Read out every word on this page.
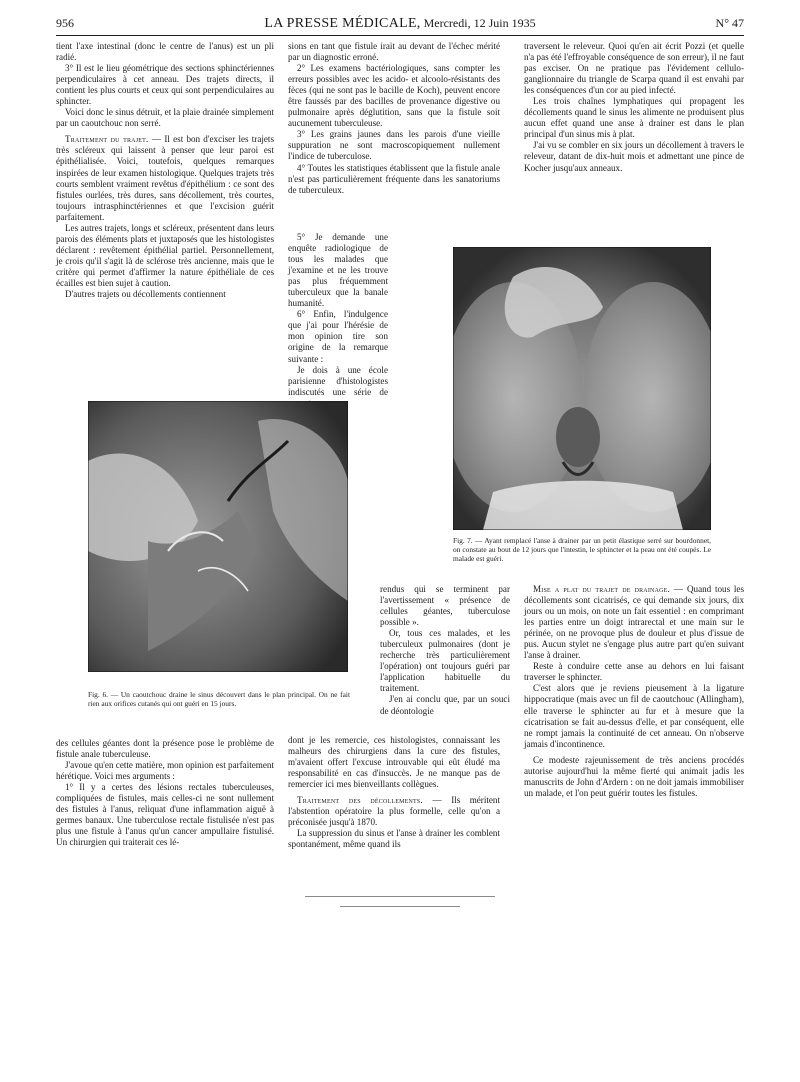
956	LA PRESSE MÉDICALE, Mercredi, 12 Juin 1935	N° 47

tient l'axe intestinal (donc le centre de l'anus) est un pli radié.

3° Il est le lieu géométrique des sections sphinctériennes perpendiculaires à cet anneau. Des trajets directs, il contient les plus courts et ceux qui sont perpendiculaires au sphincter.

Voici donc le sinus détruit, et la plaie drainée simplement par un caoutchouc non serré.

Traitement du trajet. — Il est bon d'exciser les trajets très scléreux qui laissent à penser que leur paroi est épithélialisée. Voici, toutefois, quelques remarques inspirées de leur examen histologique. Quelques trajets très courts semblent vraiment revêtus d'épithélium : ce sont des fistules ourlées, très dures, sans décollement, très courtes, toujours intrasphinctériennes et que l'excision guérit parfaitement.

Les autres trajets, longs et scléreux, présentent dans leurs parois des éléments plats et juxtaposés que les histologistes déclarent : revêtement épithélial partiel. Personnellement, je crois qu'il s'agit là de sclérose très ancienne, mais que le critère qui permet d'affirmer la nature épithéliale de ces écailles est bien sujet à caution.

D'autres trajets ou décollements contiennent

sions en tant que fistule irait au devant de l'échec mérité par un diagnostic erroné.

2° Les examens bactériologiques, sans compter les erreurs possibles avec les acido- et alcoolo-résistants des fèces (qui ne sont pas le bacille de Koch), peuvent encore être faussés par des bacilles de provenance digestive ou pulmonaire après déglutition, sans que la fistule soit aucunement tuberculeuse.

3° Les grains jaunes dans les parois d'une vieille suppuration ne sont macroscopiquement nullement l'indice de tuberculose.

4° Toutes les statistiques établissent que la fistule anale n'est pas particulièrement fréquente dans les sanatoriums de tuberculeux.

5° Je demande une enquête radiologique de tous les malades que j'examine et ne les trouve pas plus fréquemment tuberculeux que la banale humanité.

6° Enfin, l'indulgence que j'ai pour l'hérésie de mon opinion tire son origine de la remarque suivante :

Je dois à une école parisienne d'histologistes indiscutés une série de

traversent le releveur. Quoi qu'en ait écrit Pozzi (et quelle n'a pas été l'effroyable conséquence de son erreur), il ne faut pas exciser. On ne pratique pas l'évidement cellulo-ganglionnaire du triangle de Scarpa quand il est envahi par les conséquences d'un cor au pied infecté.

Les trois chaînes lymphatiques qui propagent les décollements quand le sinus les alimente ne produisent plus aucun effet quand une anse à drainer est dans le plan principal d'un sinus mis à plat.

J'ai vu se combler en six jours un décollement à travers le releveur, datant de dix-huit mois et admettant une pince de Kocher jusqu'aux anneaux.

Fig. 7. — Ayant remplacé l'anse à drainer par un petit élastique serré sur bourdonnet, on constate au bout de 12 jours que l'intestin, le sphincter et la peau ont été coupés. Le malade est guéri.
Fig. 6. — Un caoutchouc draine le sinus découvert dans le plan principal. On ne fait rien aux orifices cutanés qui ont guéri en 15 jours.

rendus qui se terminent par l'avertissement « présence de cellules géantes, tuberculose possible ».

Or, tous ces malades, et les tuberculeux pulmonaires (dont je recherche très particulièrement l'opération) ont toujours guéri par l'application habituelle du traitement.

J'en ai conclu que, par un souci de déontologie

des cellules géantes dont la présence pose le problème de fistule anale tuberculeuse.

J'avoue qu'en cette matière, mon opinion est parfaitement hérétique. Voici mes arguments :

1° Il y a certes des lésions rectales tuberculeuses, compliquées de fistules, mais celles-ci ne sont nullement des fistules à l'anus, reliquat d'une inflammation aiguë à germes banaux. Une tuberculose rectale fistulisée n'est pas plus une fistule à l'anus qu'un cancer ampullaire fistulisé. Un chirurgien qui traiterait ces lé-

dont je les remercie, ces histologistes, connaissant les malheurs des chirurgiens dans la cure des fistules, m'avaient offert l'excuse introuvable qui eût éludé ma responsabilité en cas d'insuccès. Je ne manque pas de remercier ici mes bienveillants collègues.

Traitement des décollements. — Ils méritent l'abstention opératoire la plus formelle, celle qu'on a préconisée jusqu'à 1870.

La suppression du sinus et l'anse à drainer les comblent spontanément, même quand ils

Mise a plat du trajet de drainage. — Quand tous les décollements sont cicatrisés, ce qui demande six jours, dix jours ou un mois, on note un fait essentiel : en comprimant les parties entre un doigt intrarectal et une main sur le périnée, on ne provoque plus de douleur et plus d'issue de pus. Aucun stylet ne s'engage plus autre part qu'en suivant l'anse à drainer.

Reste à conduire cette anse au dehors en lui faisant traverser le sphincter.

C'est alors que je reviens pieusement à la ligature hippocratique (mais avec un fil de caoutchouc (Allingham), elle traverse le sphincter au fur et à mesure que la cicatrisation se fait au-dessus d'elle, et par conséquent, elle ne rompt jamais la continuité de cet anneau. On n'observe jamais d'incontinence.

Ce modeste rajeunissement de très anciens procédés autorise aujourd'hui la même fierté qui animait jadis les manuscrits de John d'Ardern : on ne doit jamais immobiliser un malade, et l'on peut guérir toutes les fistules.
